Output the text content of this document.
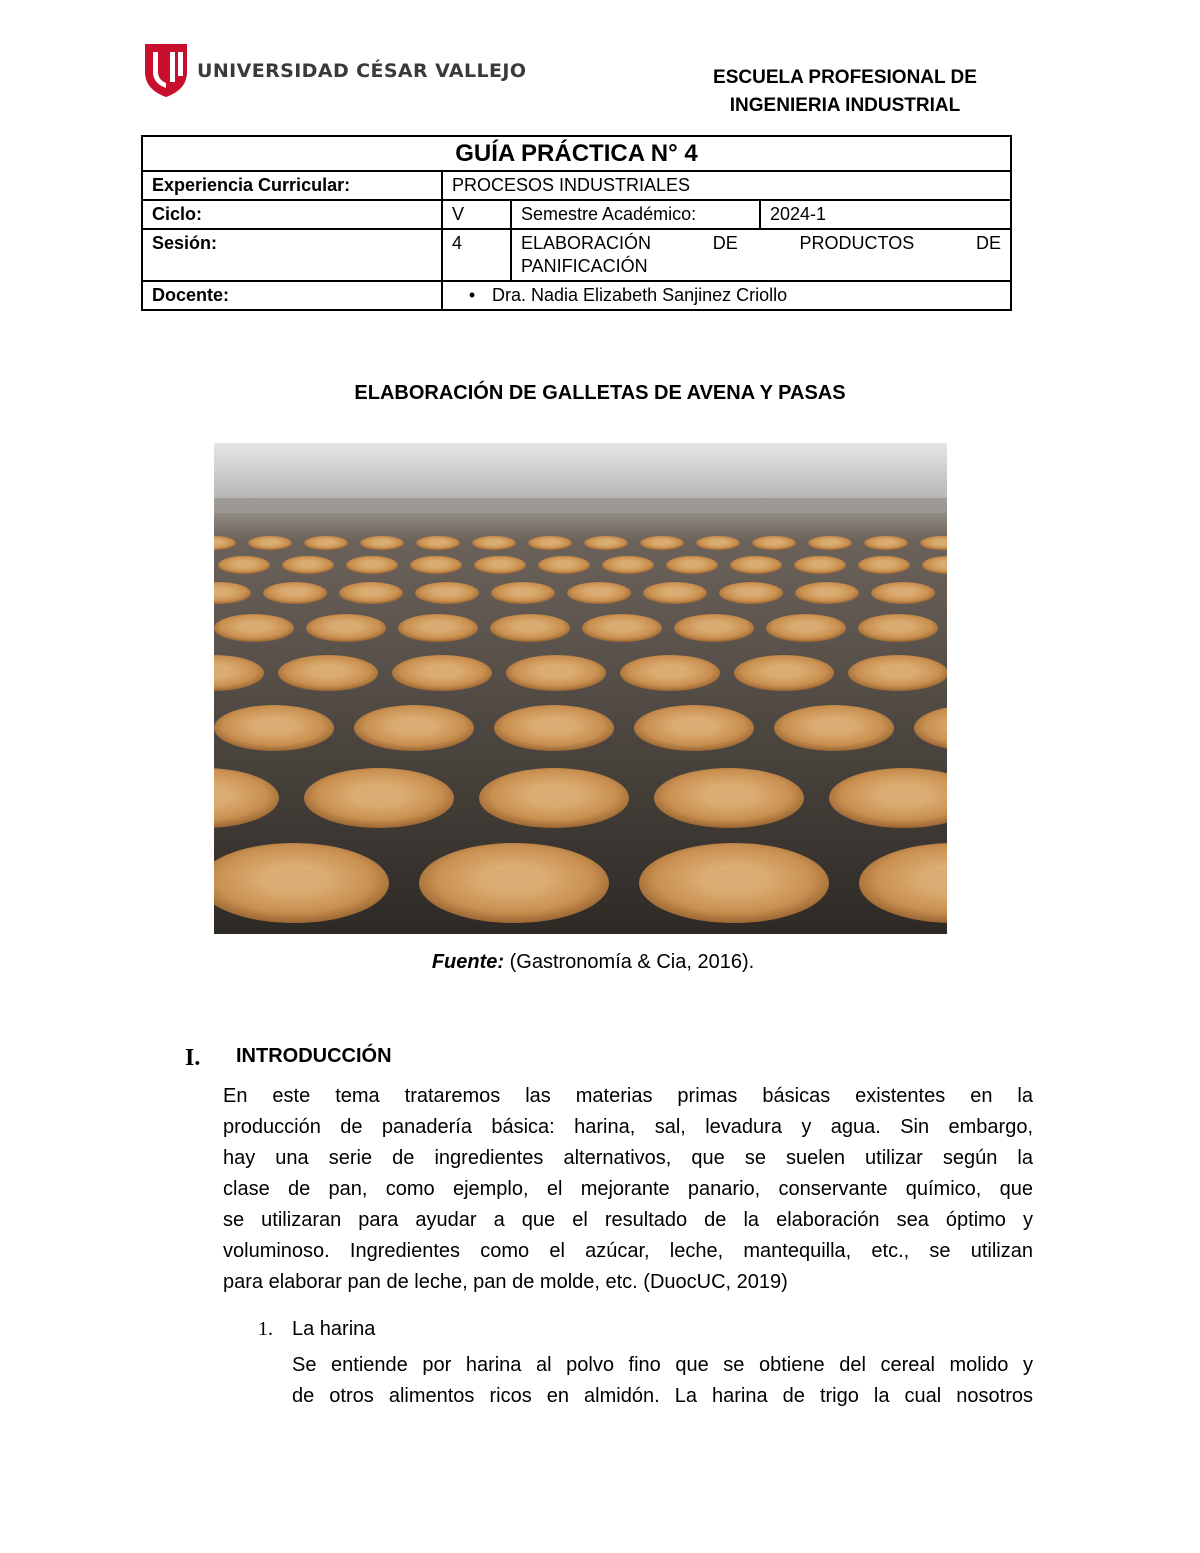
UNIVERSIDAD CÉSAR VALLEJO	ESCUELA PROFESIONAL DE
INGENIERIA INDUSTRIAL
GUÍA PRÁCTICA N° 4			
Experiencia Curricular:	PROCESOS INDUSTRIALES		
Ciclo:	V	Semestre Académico:	2024-1
Sesión:	4	ELABORACIÓN DE PRODUCTOS DE
PANIFICACIÓN	

Docente:	• Dra. Nadia Elizabeth Sanjinez Criollo		
ELABORACIÓN DE GALLETAS DE AVENA Y PASAS
Fuente: (Gastronomía & Cia, 2016).
I. INTRODUCCIÓN

En este tema trataremos las materias primas básicas existentes en la
producción de panadería básica: harina, sal, levadura y agua. Sin embargo,
hay una serie de ingredientes alternativos, que se suelen utilizar según la
clase de pan, como ejemplo, el mejorante panario, conservante químico, que
se utilizaran para ayudar a que el resultado de la elaboración sea óptimo y
voluminoso. Ingredientes como el azúcar, leche, mantequilla, etc., se utilizan
para elaborar pan de leche, pan de molde, etc. (DuocUC, 2019)

1. La harina

Se entiende por harina al polvo fino que se obtiene del cereal molido y
de otros alimentos ricos en almidón. La harina de trigo la cual nosotros
